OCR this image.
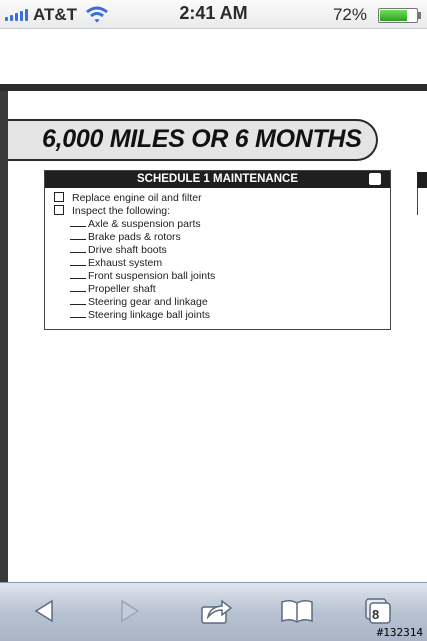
AT&T	2:41 AM	72%
6,000 MILES OR 6 MONTHS
SCHEDULE 1 MAINTENANCE
Replace engine oil and filter
Inspect the following:
Axle & suspension parts
Brake pads & rotors
Drive shaft boots
Exhaust system
Front suspension ball joints
Propeller shaft
Steering gear and linkage
Steering linkage ball joints
8
#132314
